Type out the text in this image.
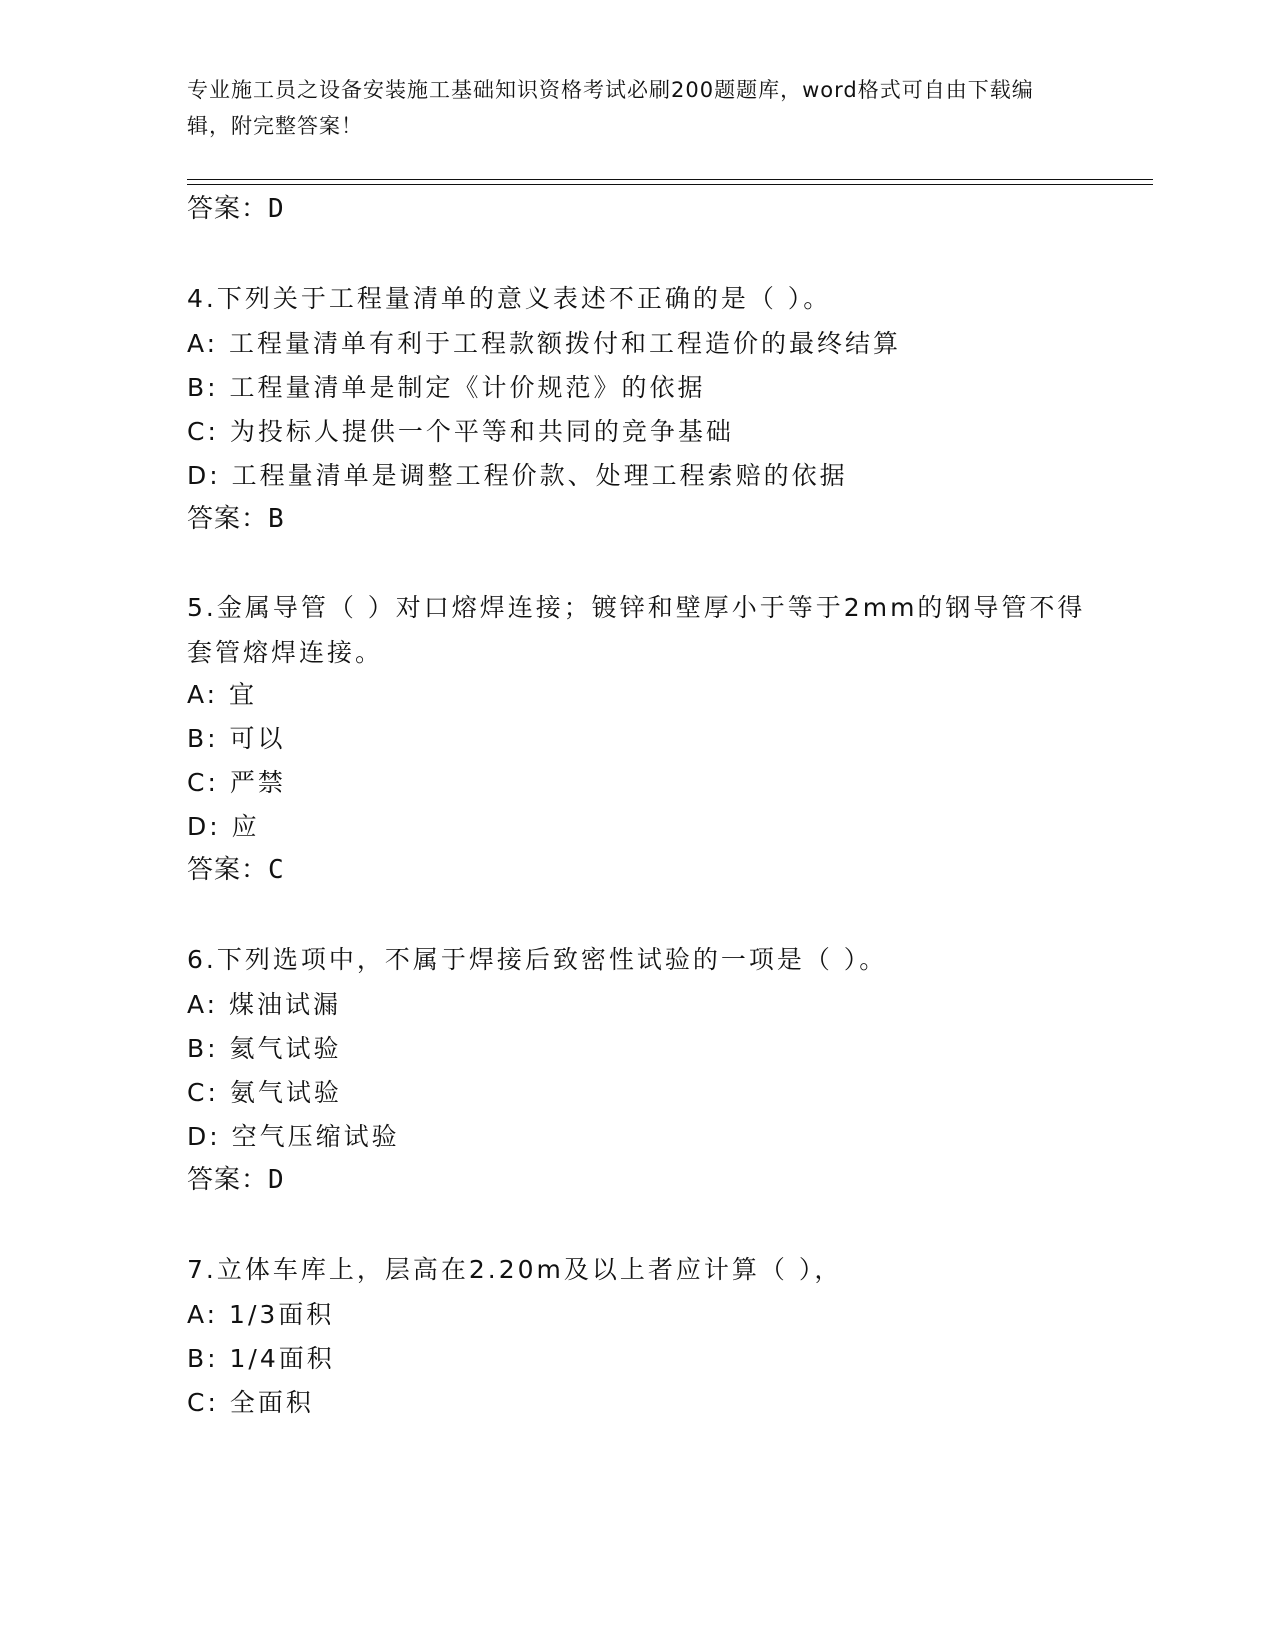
专业施工员之设备安装施工基础知识资格考试必刷200题题库，word格式可自由下载编辑，附完整答案！
答案：D
4.下列关于工程量清单的意义表述不正确的是（ ）。
A: 工程量清单有利于工程款额拨付和工程造价的最终结算
B: 工程量清单是制定《计价规范》的依据
C: 为投标人提供一个平等和共同的竞争基础
D: 工程量清单是调整工程价款、处理工程索赔的依据
答案：B
5.金属导管（ ）对口熔焊连接；镀锌和壁厚小于等于2mm的钢导管不得套管熔焊连接。
A: 宜
B: 可以
C: 严禁
D: 应
答案：C
6.下列选项中，不属于焊接后致密性试验的一项是（ ）。
A: 煤油试漏
B: 氦气试验
C: 氨气试验
D: 空气压缩试验
答案：D
7.立体车库上，层高在2.20m及以上者应计算（ ），
A: 1/3面积
B: 1/4面积
C: 全面积
